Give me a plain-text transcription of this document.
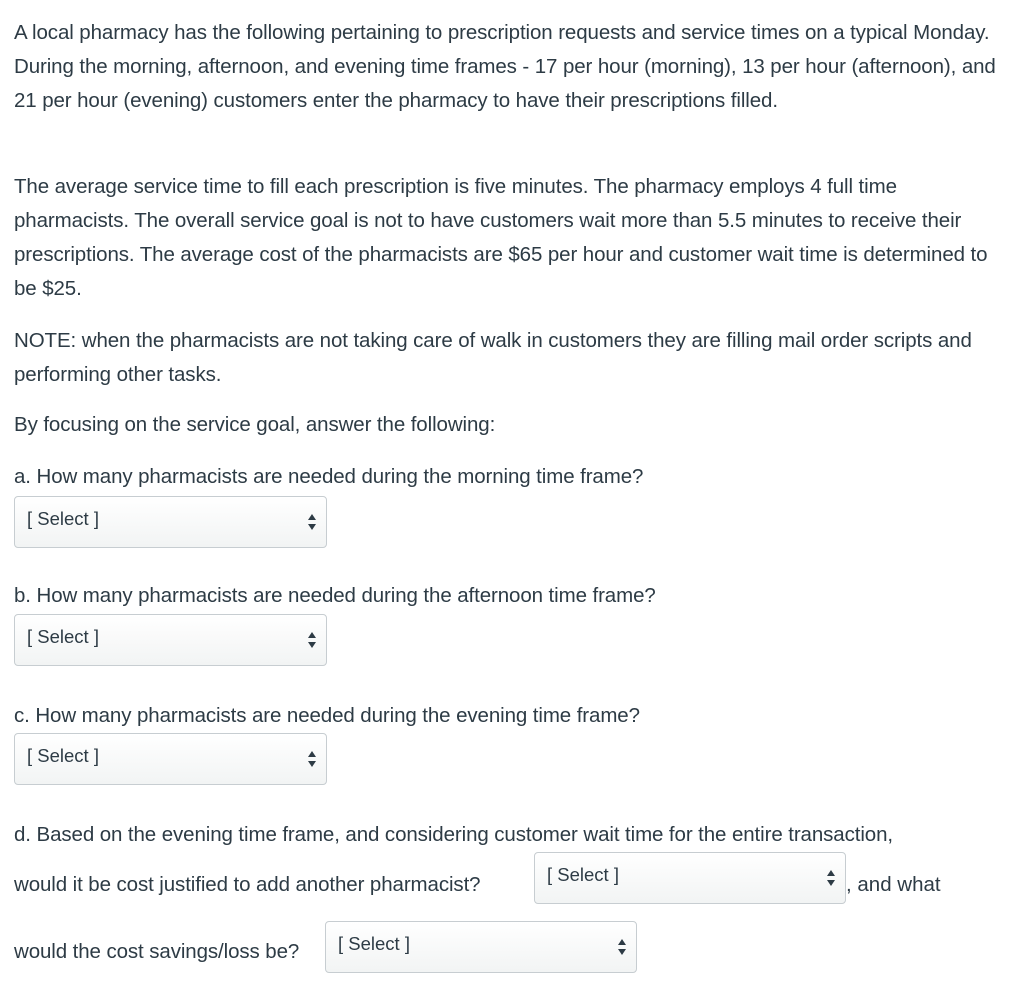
A local pharmacy has the following pertaining to prescription requests and service times on a typical Monday. During the morning, afternoon, and evening time frames - 17 per hour (morning), 13 per hour (afternoon), and 21 per hour (evening) customers enter the pharmacy to have their prescriptions filled.

The average service time to fill each prescription is five minutes. The pharmacy employs 4 full time pharmacists. The overall service goal is not to have customers wait more than 5.5 minutes to receive their prescriptions. The average cost of the pharmacists are $65 per hour and customer wait time is determined to be $25.

NOTE: when the pharmacists are not taking care of walk in customers they are filling mail order scripts and performing other tasks.

By focusing on the service goal, answer the following:

a. How many pharmacists are needed during the morning time frame?

[ Select ]

b. How many pharmacists are needed during the afternoon time frame?

[ Select ]

c. How many pharmacists are needed during the evening time frame?

[ Select ]

d. Based on the evening time frame, and considering customer wait time for the entire transaction,

would it be cost justified to add another pharmacist?	[ Select ]	, and what

would the cost savings/loss be?	[ Select ]
